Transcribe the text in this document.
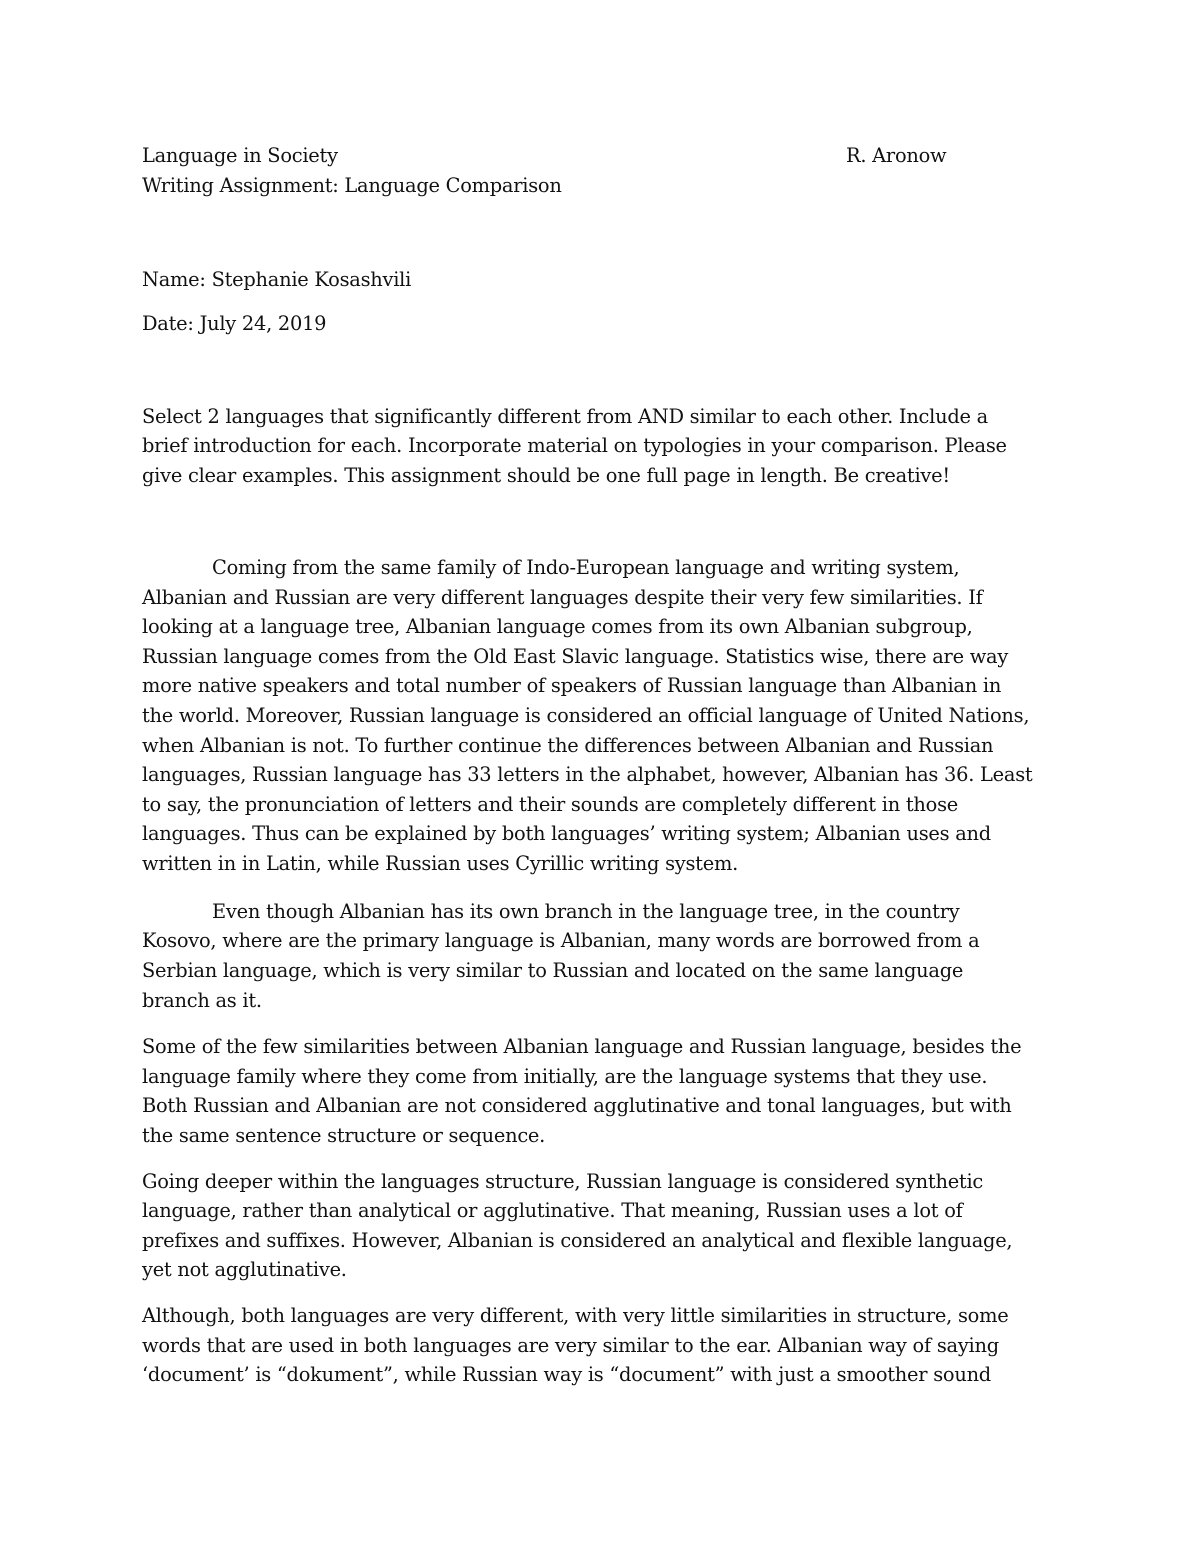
Language in Society	R. Aronow

Writing Assignment: Language Comparison

Name: Stephanie Kosashvili

Date: July 24, 2019

Select 2 languages that significantly different from AND similar to each other. Include a

brief introduction for each. Incorporate material on typologies in your comparison. Please

give clear examples. This assignment should be one full page in length. Be creative!

Coming from the same family of Indo-European language and writing system,

Albanian and Russian are very different languages despite their very few similarities. If

looking at a language tree, Albanian language comes from its own Albanian subgroup,

Russian language comes from the Old East Slavic language. Statistics wise, there are way

more native speakers and total number of speakers of Russian language than Albanian in

the world. Moreover, Russian language is considered an official language of United Nations,

when Albanian is not. To further continue the differences between Albanian and Russian

languages, Russian language has 33 letters in the alphabet, however, Albanian has 36. Least

to say, the pronunciation of letters and their sounds are completely different in those

languages. Thus can be explained by both languages’ writing system; Albanian uses and

written in in Latin, while Russian uses Cyrillic writing system.

Even though Albanian has its own branch in the language tree, in the country

Kosovo, where are the primary language is Albanian, many words are borrowed from a

Serbian language, which is very similar to Russian and located on the same language

branch as it.

Some of the few similarities between Albanian language and Russian language, besides the

language family where they come from initially, are the language systems that they use.

Both Russian and Albanian are not considered agglutinative and tonal languages, but with

the same sentence structure or sequence.

Going deeper within the languages structure, Russian language is considered synthetic

language, rather than analytical or agglutinative. That meaning, Russian uses a lot of

prefixes and suffixes. However, Albanian is considered an analytical and flexible language,

yet not agglutinative.

Although, both languages are very different, with very little similarities in structure, some

words that are used in both languages are very similar to the ear. Albanian way of saying

‘document’ is “dokument”, while Russian way is “document” with just a smoother sound
